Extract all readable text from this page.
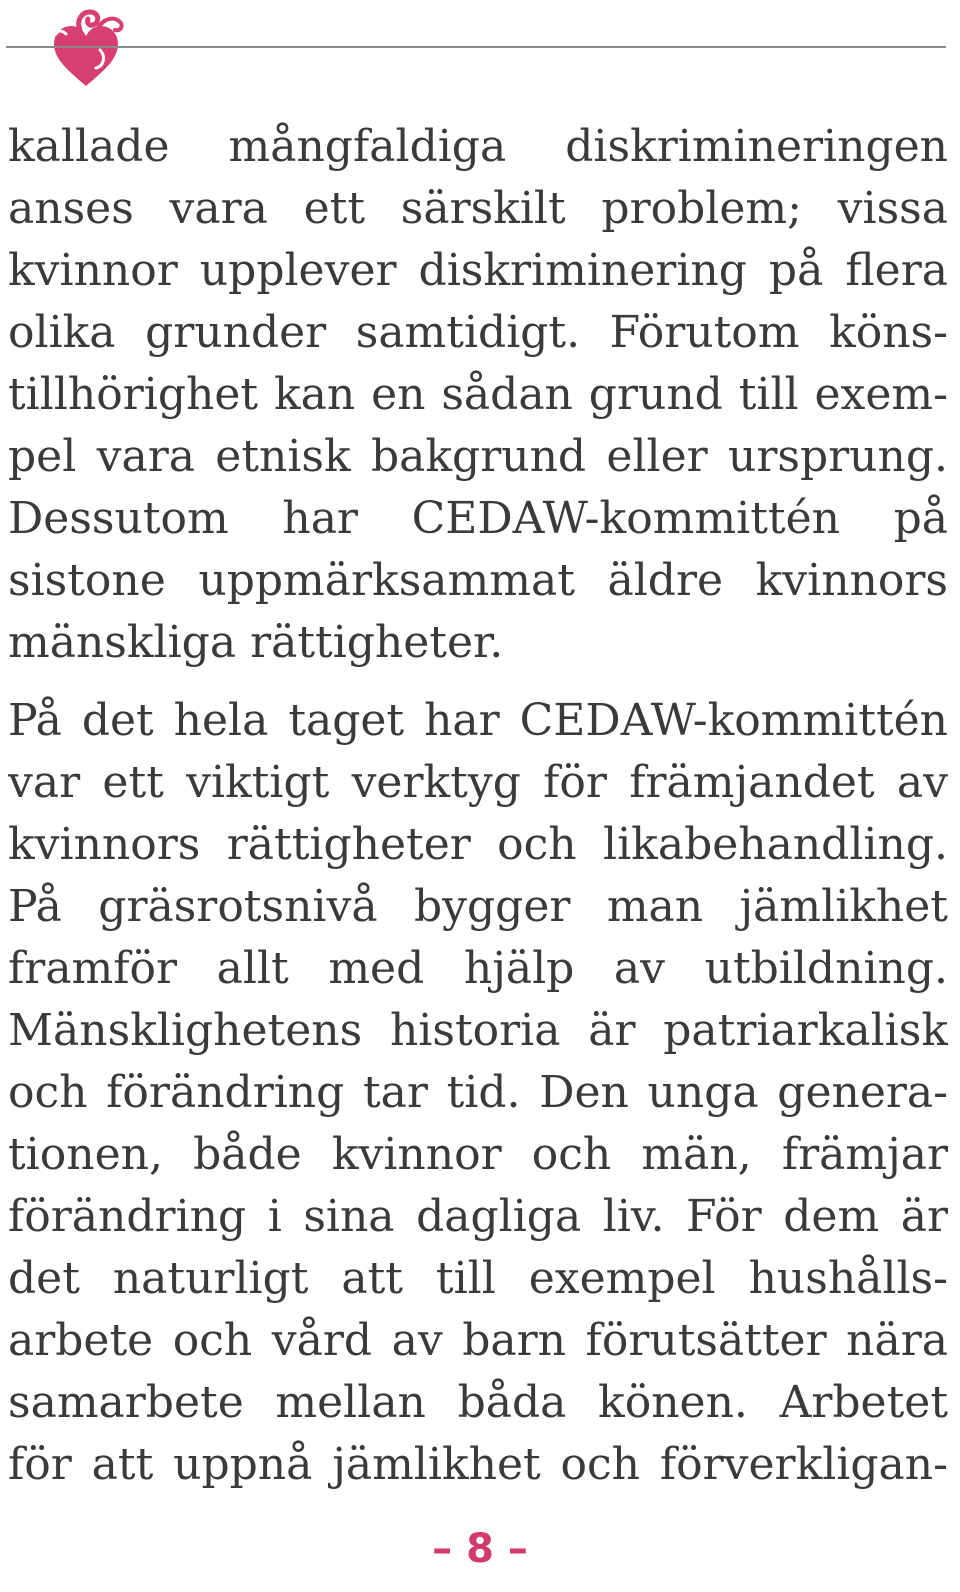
kallade mångfaldiga diskrimineringen
anses vara ett särskilt problem; vissa
kvinnor upplever diskriminering på flera
olika grunder samtidigt. Förutom köns-
tillhörighet kan en sådan grund till exem-
pel vara etnisk bakgrund eller ursprung.
Dessutom har CEDAW-kommittén på
sistone uppmärksammat äldre kvinnors
mänskliga rättigheter.
På det hela taget har CEDAW-kommittén
var ett viktigt verktyg för främjandet av
kvinnors rättigheter och likabehandling.
På gräsrotsnivå bygger man jämlikhet
framför allt med hjälp av utbildning.
Mänsklighetens historia är patriarkalisk
och förändring tar tid. Den unga genera-
tionen, både kvinnor och män, främjar
förändring i sina dagliga liv. För dem är
det naturligt att till exempel hushålls-
arbete och vård av barn förutsätter nära
samarbete mellan båda könen. Arbetet
för att uppnå jämlikhet och förverkligan-
– 8 –
